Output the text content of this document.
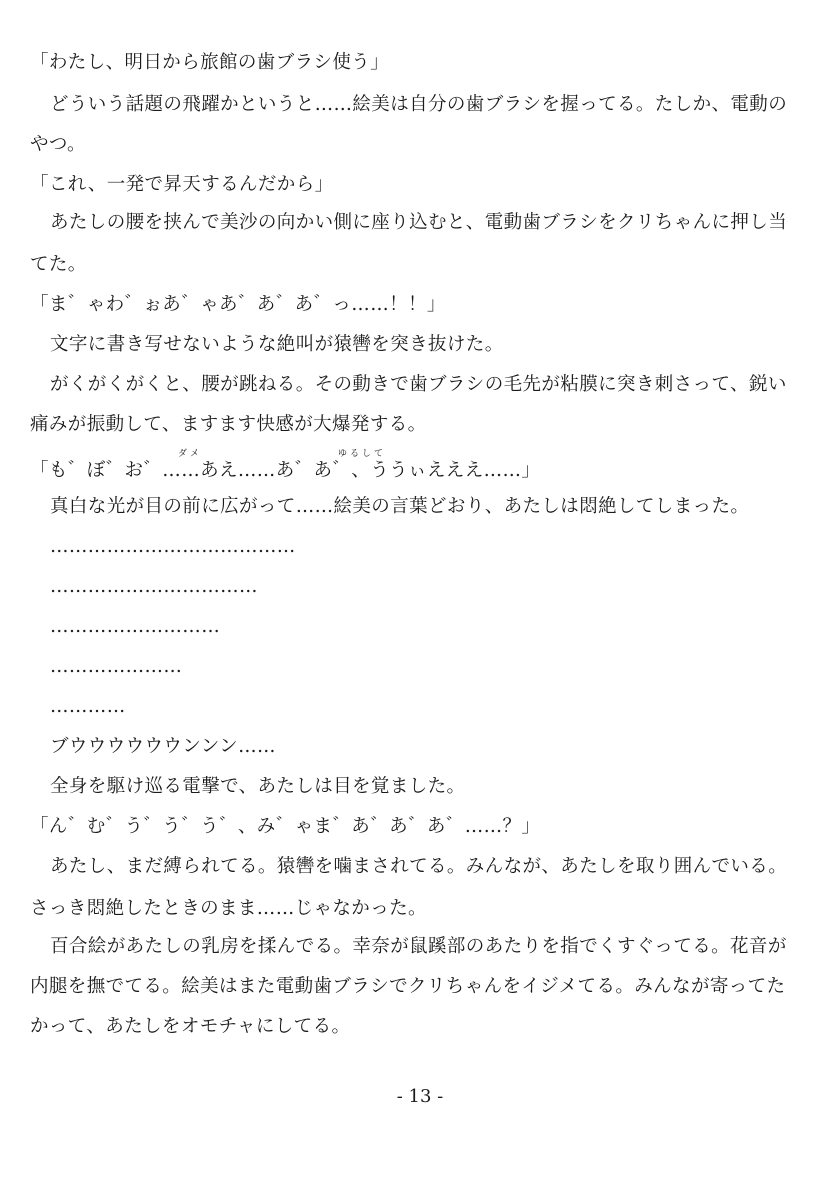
「わたし、明日から旅館の歯ブラシ使う」
どういう話題の飛躍かというと……絵美は自分の歯ブラシを握ってる。たしか、電動の
やつ。
「これ、一発で昇天するんだから」
あたしの腰を挟んで美沙の向かい側に座り込むと、電動歯ブラシをクリちゃんに押し当
てた。
「ま゛ゃわ゛ぉあ゛ゃあ゛あ゛あ゛っ……！！」
文字に書き写せないような絶叫が猿轡を突き抜けた。
がくがくがくと、腰が跳ねる。その動きで歯ブラシの毛先が粘膜に突き刺さって、鋭い
痛みが振動して、ますます快感が大爆発する。
ダメ	ゆるして
「も゛ぼ゛お゛……あえ……あ゛あ゛、ううぃえええ……」
真白な光が目の前に広がって……絵美の言葉どおり、あたしは悶絶してしまった。
…………………………………
……………………………
………………………
…………………
…………
ブウウウウウウンンン……
全身を駆け巡る電撃で、あたしは目を覚ました。
「ん゛む゛う゛う゛う゛、み゛ゃま゛あ゛あ゛あ゛……？」
あたし、まだ縛られてる。猿轡を噛まされてる。みんなが、あたしを取り囲んでいる。
さっき悶絶したときのまま……じゃなかった。
百合絵があたしの乳房を揉んでる。幸奈が鼠蹊部のあたりを指でくすぐってる。花音が
内腿を撫でてる。絵美はまた電動歯ブラシでクリちゃんをイジメてる。みんなが寄ってた
かって、あたしをオモチャにしてる。
- 13 -
